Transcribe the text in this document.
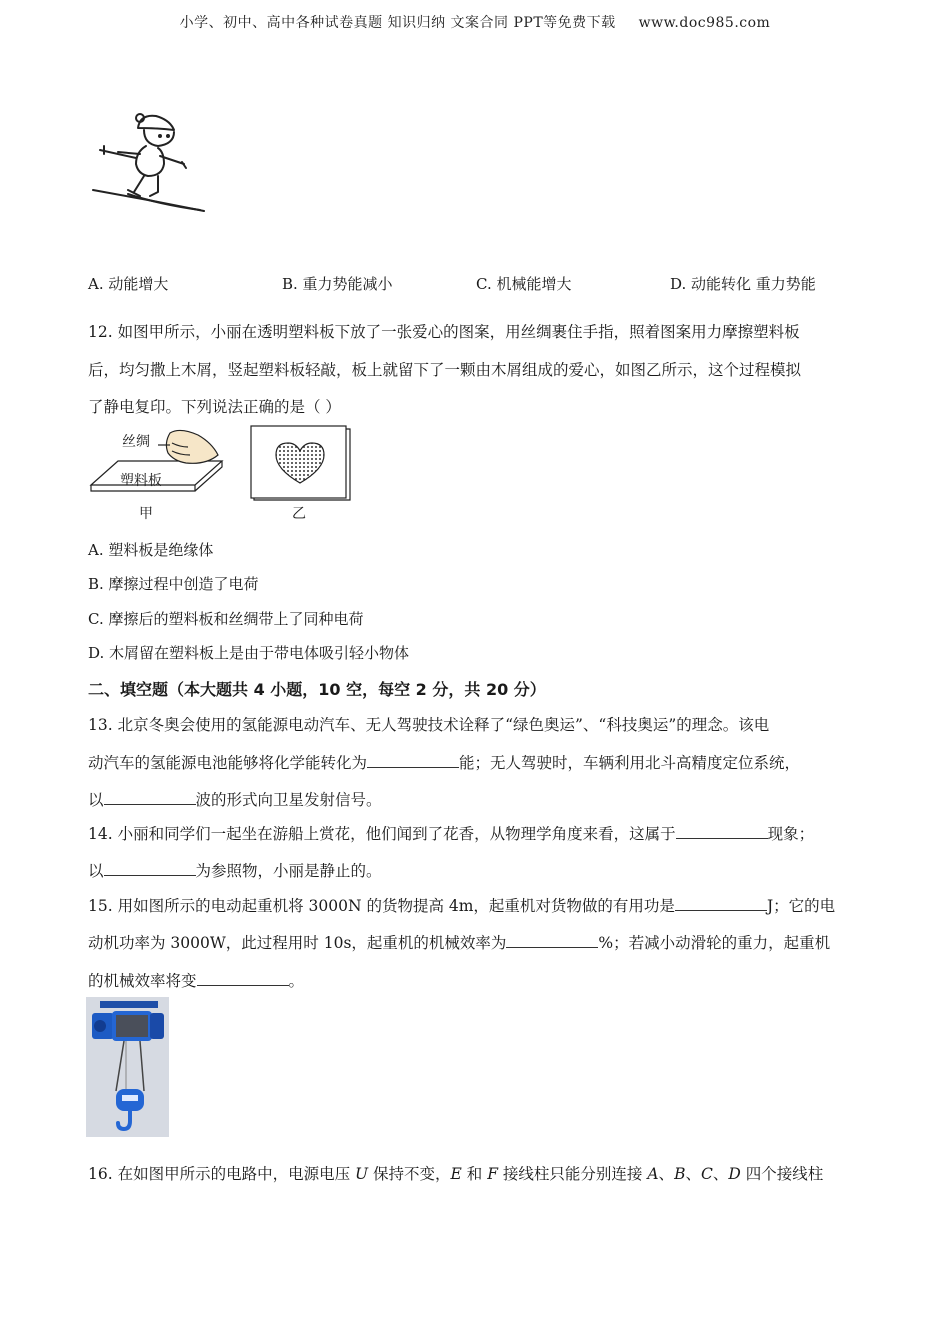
小学、初中、高中各种试卷真题 知识归纳 文案合同 PPT等免费下载 www.doc985.com
A. 动能增大	B. 重力势能减小	C. 机械能增大	D. 动能转化 重力势能
12. 如图甲所示，小丽在透明塑料板下放了一张爱心的图案，用丝绸裹住手指，照着图案用力摩擦塑料板
后，均匀撒上木屑，竖起塑料板轻敲，板上就留下了一颗由木屑组成的爱心，如图乙所示，这个过程模拟
了静电复印。下列说法正确的是（ ）
丝绸
塑料板
甲	乙
A. 塑料板是绝缘体
B. 摩擦过程中创造了电荷
C. 摩擦后的塑料板和丝绸带上了同种电荷
D. 木屑留在塑料板上是由于带电体吸引轻小物体
二、填空题（本大题共 4 小题，10 空，每空 2 分，共 20 分）
13. 北京冬奥会使用的氢能源电动汽车、无人驾驶技术诠释了“绿色奥运”、“科技奥运”的理念。该电
动汽车的氢能源电池能够将化学能转化为	能；无人驾驶时，车辆利用北斗高精度定位系统，
以	波的形式向卫星发射信号。
14. 小丽和同学们一起坐在游船上赏花，他们闻到了花香，从物理学角度来看，这属于	现象；
以	为参照物，小丽是静止的。
15. 用如图所示的电动起重机将 3000N 的货物提高 4m，起重机对货物做的有用功是	J；它的电
动机功率为 3000W，此过程用时 10s，起重机的机械效率为	%；若减小动滑轮的重力，起重机
的机械效率将变	。
16. 在如图甲所示的电路中，电源电压 U 保持不变，E 和 F 接线柱只能分别连接 A、B、C、D 四个接线柱
